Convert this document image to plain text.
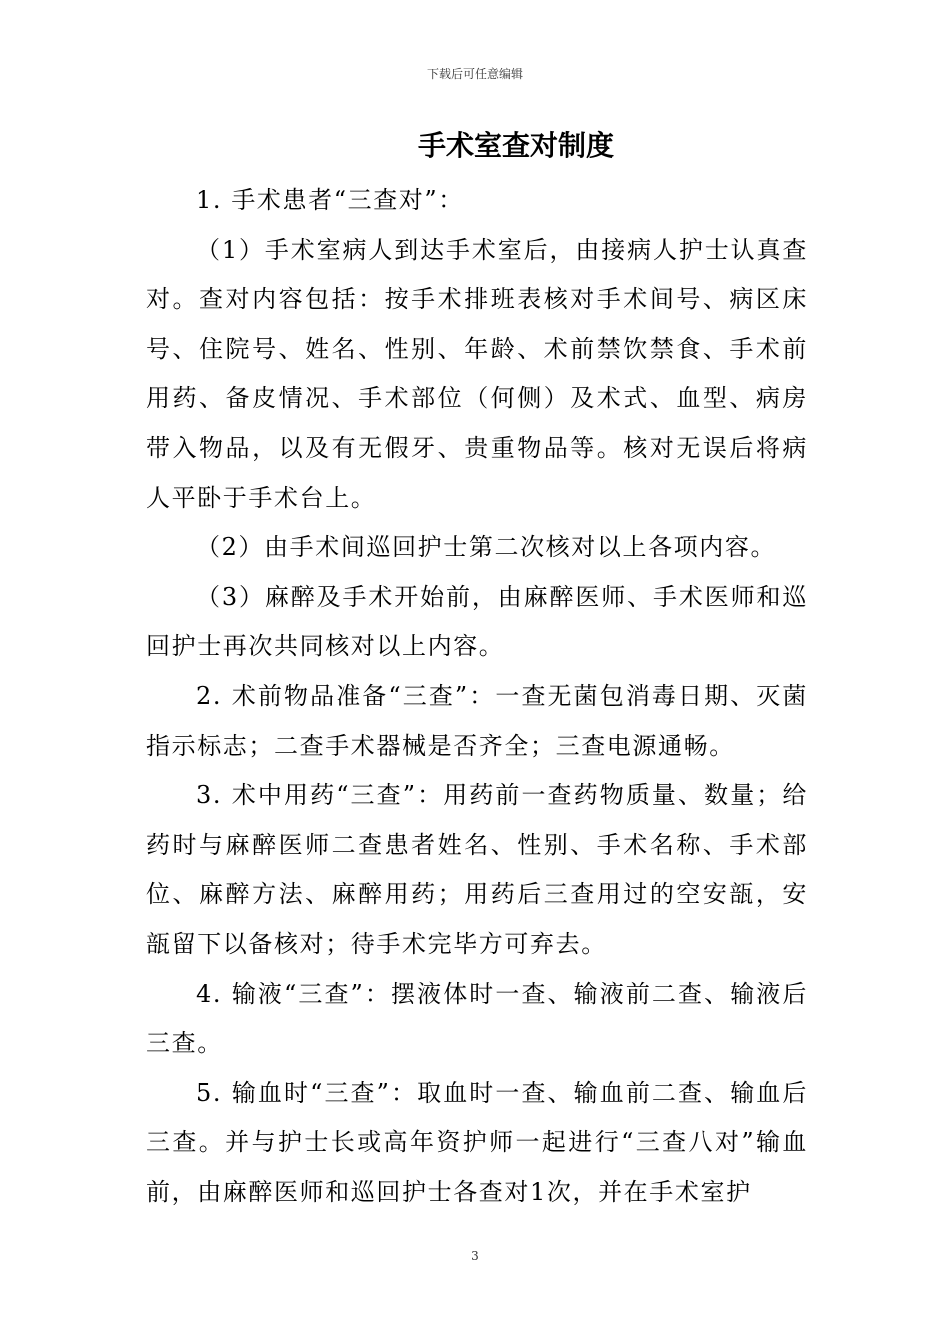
下载后可任意编辑
手术室查对制度

1. 手术患者“三查对”：

（1）手术室病人到达手术室后，由接病人护士认真查对。查对内容包括：按手术排班表核对手术间号、病区床号、住院号、姓名、性别、年龄、术前禁饮禁食、手术前用药、备皮情况、手术部位（何侧）及术式、血型、病房带入物品，以及有无假牙、贵重物品等。核对无误后将病人平卧于手术台上。

（2）由手术间巡回护士第二次核对以上各项内容。

（3）麻醉及手术开始前，由麻醉医师、手术医师和巡回护士再次共同核对以上内容。

2. 术前物品准备“三查”：一查无菌包消毒日期、灭菌指示标志；二查手术器械是否齐全；三查电源通畅。

3. 术中用药“三查”：用药前一查药物质量、数量；给药时与麻醉医师二查患者姓名、性别、手术名称、手术部位、麻醉方法、麻醉用药；用药后三查用过的空安瓿，安瓿留下以备核对；待手术完毕方可弃去。

4. 输液“三查”：摆液体时一查、输液前二查、输液后三查。

5. 输血时“三查”：取血时一查、输血前二查、输血后三查。并与护士长或高年资护师一起进行“三查八对”输血前，由麻醉医师和巡回护士各查对1次，并在手术室护

3
